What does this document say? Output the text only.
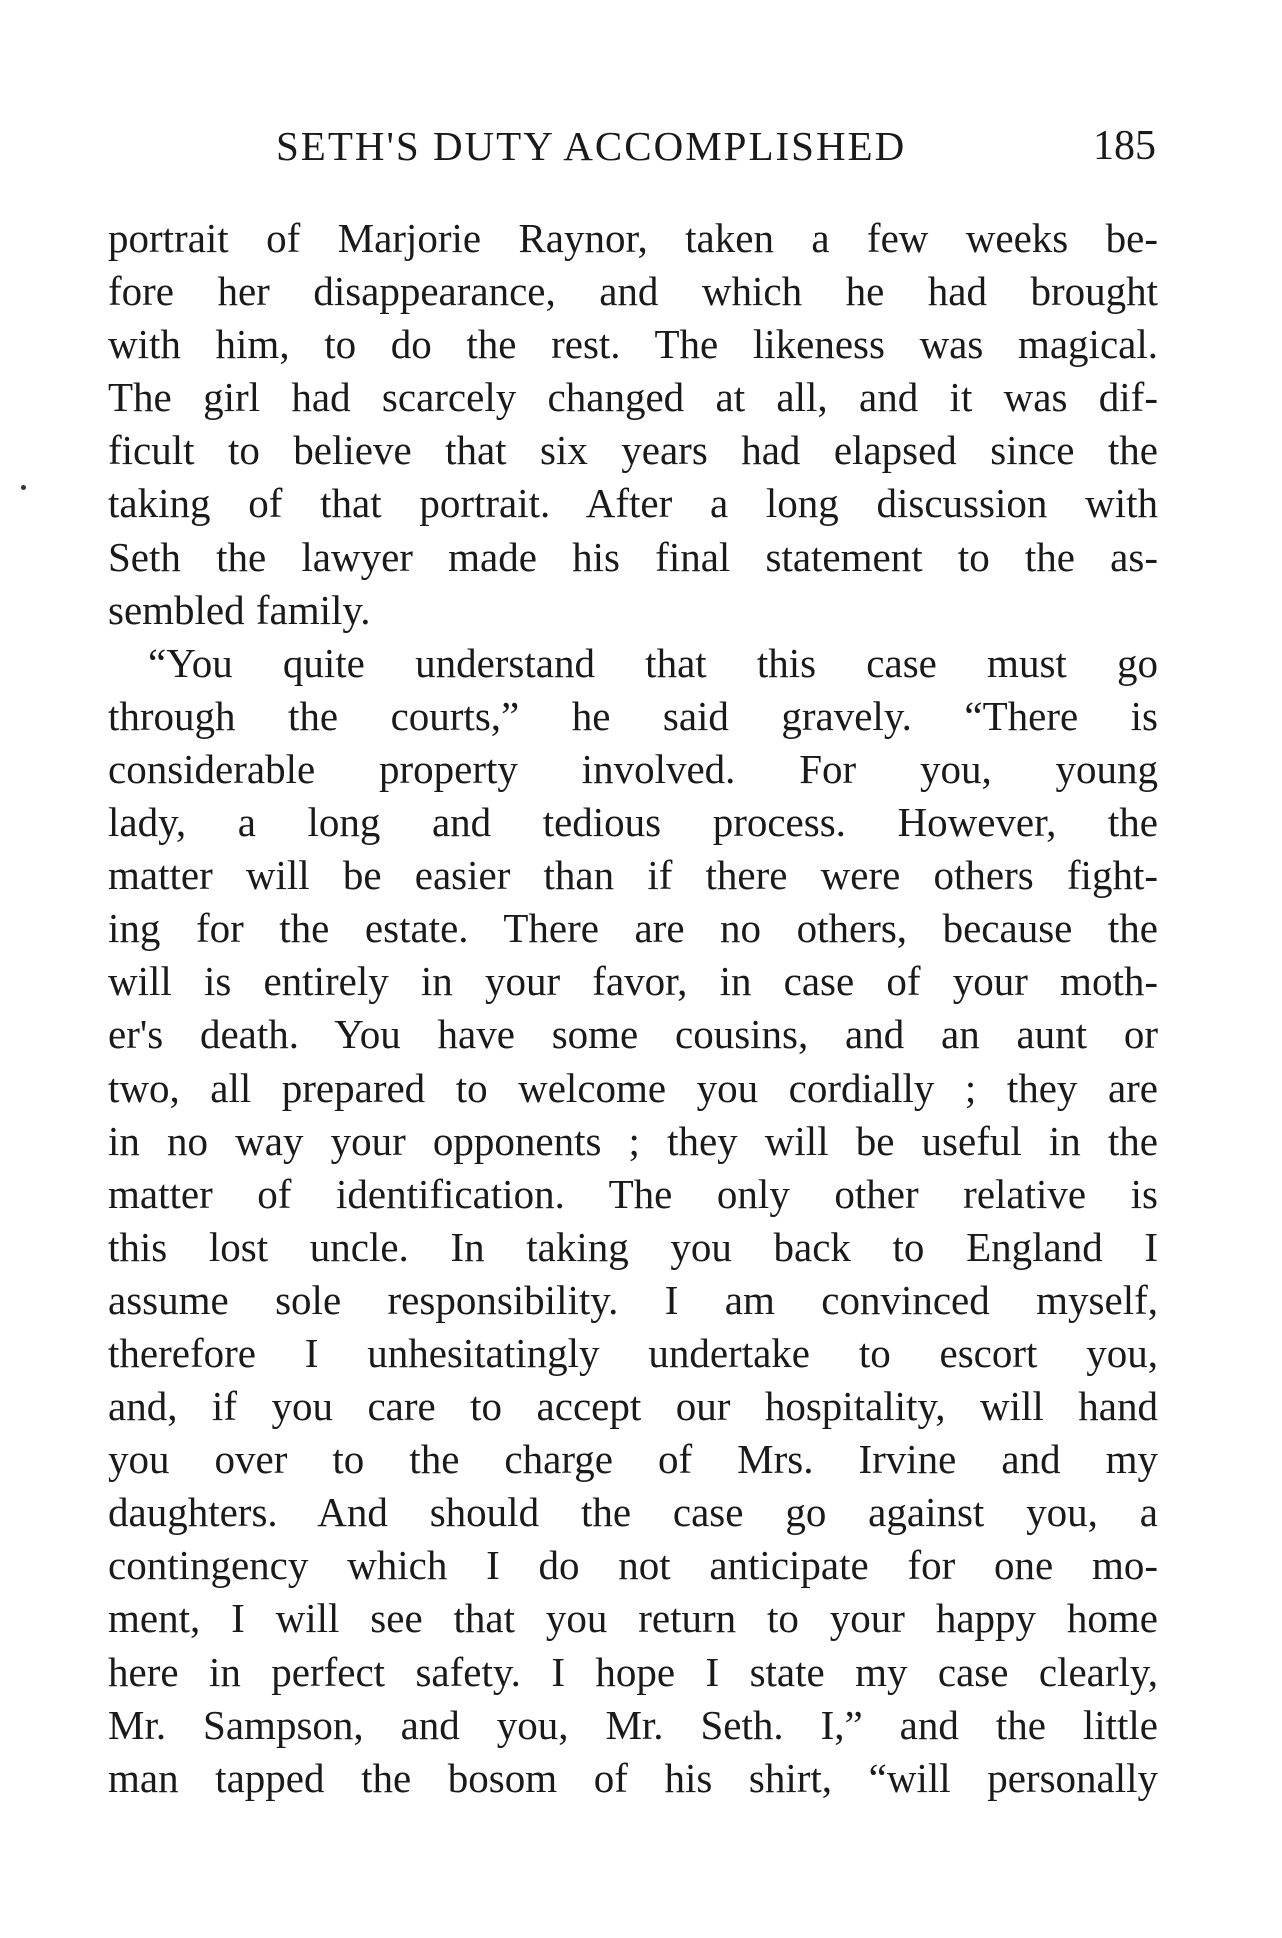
SETH'S DUTY ACCOMPLISHED	185
portrait of Marjorie Raynor, taken a few weeks be-
fore her disappearance, and which he had brought
with him, to do the rest. The likeness was magical.
The girl had scarcely changed at all, and it was dif-
ficult to believe that six years had elapsed since the
taking of that portrait. After a long discussion with
Seth the lawyer made his final statement to the as-
sembled family.
“You quite understand that this case must go
through the courts,” he said gravely. “There is
considerable property involved. For you, young
lady, a long and tedious process. However, the
matter will be easier than if there were others fight-
ing for the estate. There are no others, because the
will is entirely in your favor, in case of your moth-
er's death. You have some cousins, and an aunt or
two, all prepared to welcome you cordially ; they are
in no way your opponents ; they will be useful in the
matter of identification. The only other relative is
this lost uncle. In taking you back to England I
assume sole responsibility. I am convinced myself,
therefore I unhesitatingly undertake to escort you,
and, if you care to accept our hospitality, will hand
you over to the charge of Mrs. Irvine and my
daughters. And should the case go against you, a
contingency which I do not anticipate for one mo-
ment, I will see that you return to your happy home
here in perfect safety. I hope I state my case clearly,
Mr. Sampson, and you, Mr. Seth. I,” and the little
man tapped the bosom of his shirt, “will personally
